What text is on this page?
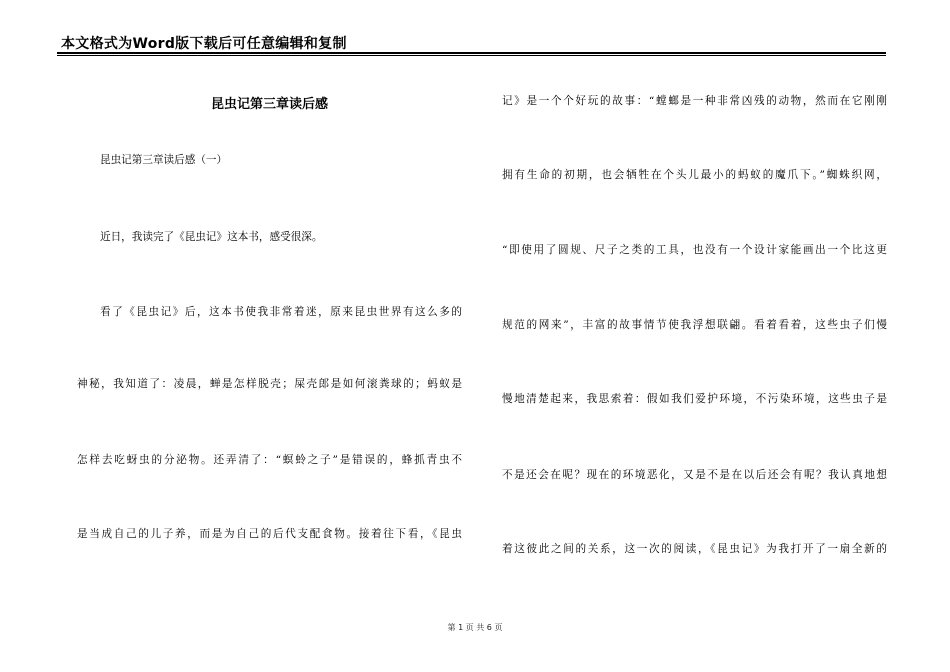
本文格式为Word版下载后可任意编辑和复制
昆虫记第三章读后感
昆虫记第三章读后感（一）
近日，我读完了《昆虫记》这本书，感受很深。
看了《昆虫记》后，这本书使我非常着迷，原来昆虫世界有这么多的
神秘，我知道了：凌晨，蝉是怎样脱壳；屎壳郎是如何滚粪球的；蚂蚁是
怎样去吃蚜虫的分泌物。还弄清了：“螟蛉之子”是错误的，蜂抓青虫不
是当成自己的儿子养，而是为自己的后代支配食物。接着往下看，《昆虫
记》是一个个好玩的故事：“螳螂是一种非常凶残的动物，然而在它刚刚
拥有生命的初期，也会牺牲在个头儿最小的蚂蚁的魔爪下。”蜘蛛织网，
“即使用了圆规、尺子之类的工具，也没有一个设计家能画出一个比这更
规范的网来”，丰富的故事情节使我浮想联翩。看着看着，这些虫子们慢
慢地清楚起来，我思索着：假如我们爱护环境，不污染环境，这些虫子是
不是还会在呢？现在的环境恶化，又是不是在以后还会有呢？我认真地想
着这彼此之间的关系，这一次的阅读，《昆虫记》为我打开了一扇全新的
第 1 页 共 6 页
